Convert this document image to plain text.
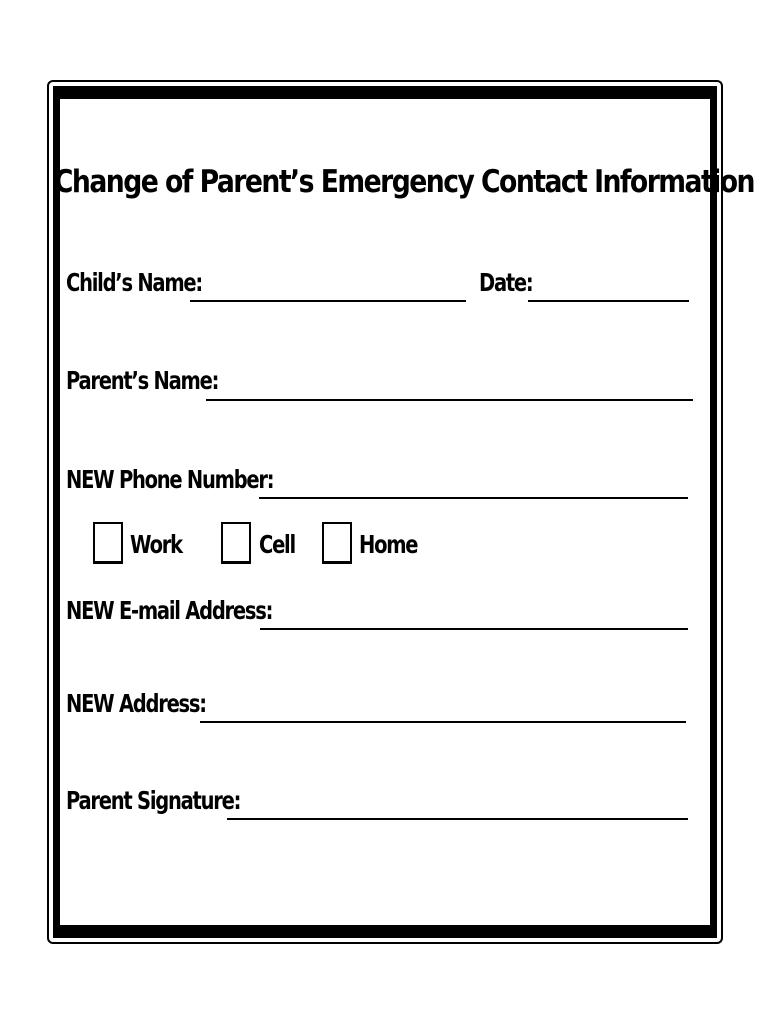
Change of Parent’s Emergency Contact Information
Child’s Name:	Date:
Parent’s Name:
NEW Phone Number:
Work	Cell	Home
NEW E-mail Address:
NEW Address:
Parent Signature:
